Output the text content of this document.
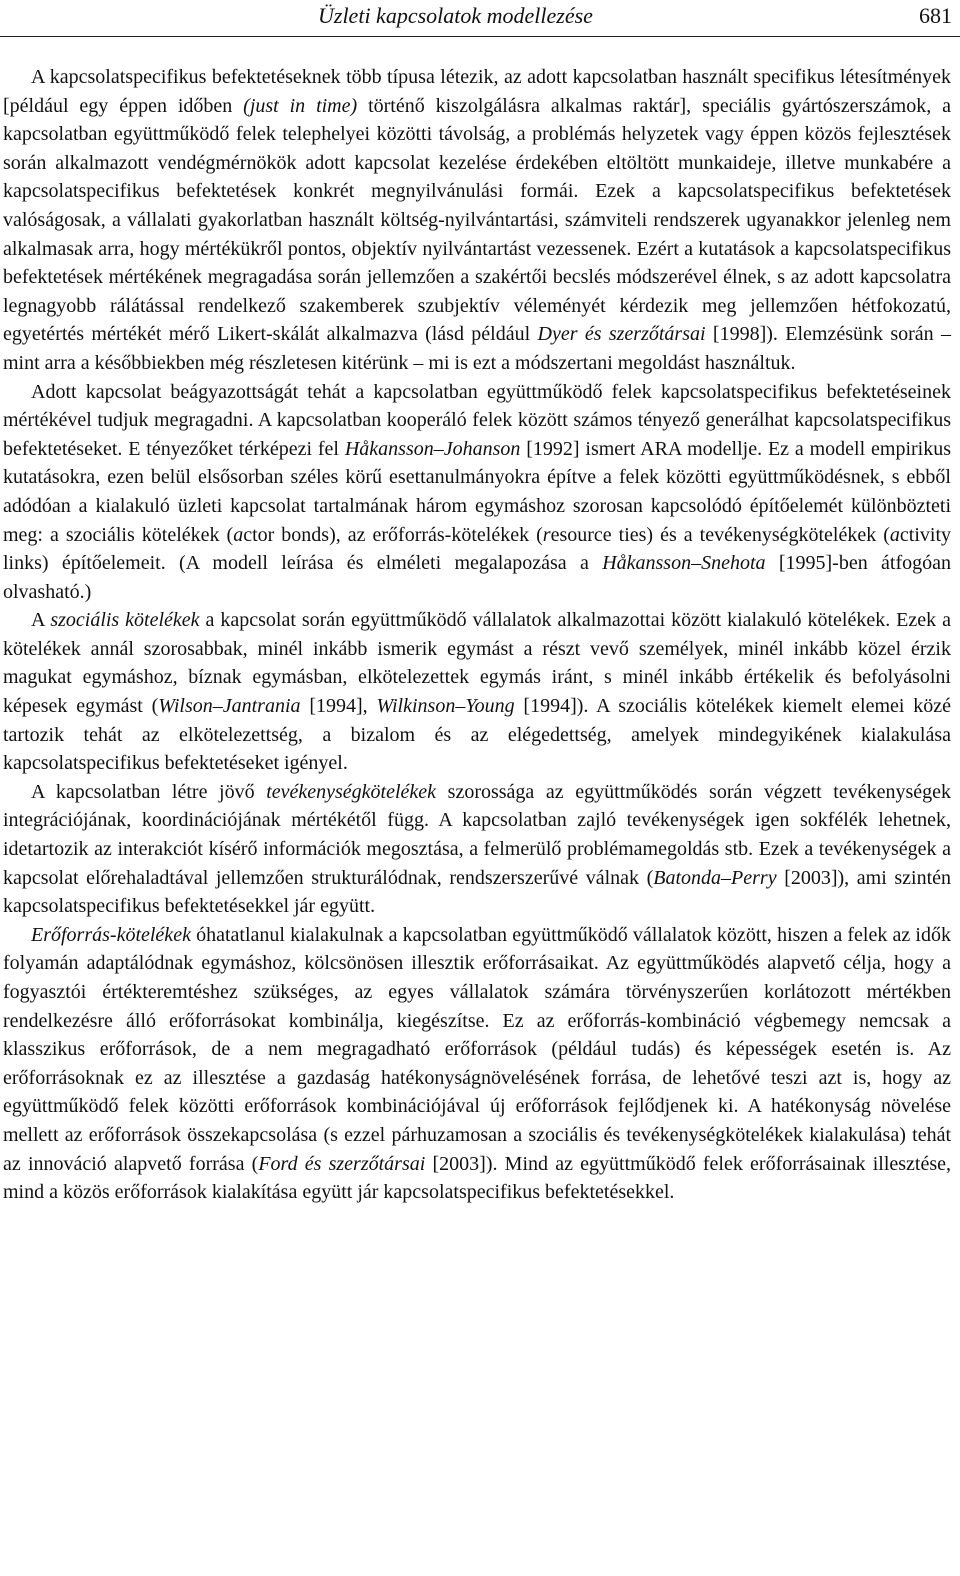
Üzleti kapcsolatok modellezése	681

A kapcsolatspecifikus befektetéseknek több típusa létezik, az adott kapcsolatban használt specifikus létesítmények [például egy éppen időben (just in time) történő kiszolgálásra alkalmas raktár], speciális gyártószerszámok, a kapcsolatban együttműködő felek telephelyei közötti távolság, a problémás helyzetek vagy éppen közös fejlesztések során alkalmazott vendégmérnökök adott kapcsolat kezelése érdekében eltöltött munkaideje, illetve munkabére a kapcsolatspecifikus befektetések konkrét megnyilvánulási formái. Ezek a kapcsolatspecifikus befektetések valóságosak, a vállalati gyakorlatban használt költség-nyilvántartási, számviteli rendszerek ugyanakkor jelenleg nem alkalmasak arra, hogy mértékükről pontos, objektív nyilvántartást vezessenek. Ezért a kutatások a kapcsolatspecifikus befektetések mértékének megragadása során jellemzően a szakértői becslés módszerével élnek, s az adott kapcsolatra legnagyobb rálátással rendelkező szakemberek szubjektív véleményét kérdezik meg jellemzően hétfokozatú, egyetértés mértékét mérő Likert-skálát alkalmazva (lásd például Dyer és szerzőtársai [1998]). Elemzésünk során – mint arra a későbbiekben még részletesen kitérünk – mi is ezt a módszertani megoldást használtuk.

Adott kapcsolat beágyazottságát tehát a kapcsolatban együttműködő felek kapcsolatspecifikus befektetéseinek mértékével tudjuk megragadni. A kapcsolatban kooperáló felek között számos tényező generálhat kapcsolatspecifikus befektetéseket. E tényezőket térképezi fel Håkansson–Johanson [1992] ismert ARA modellje. Ez a modell empirikus kutatásokra, ezen belül elsősorban széles körű esettanulmányokra építve a felek közötti együttműködésnek, s ebből adódóan a kialakuló üzleti kapcsolat tartalmának három egymáshoz szorosan kapcsolódó építőelemét különbözteti meg: a szociális kötelékek (actor bonds), az erőforrás-kötelékek (resource ties) és a tevékenységkötelékek (activity links) építőelemeit. (A modell leírása és elméleti megalapozása a Håkansson–Snehota [1995]-ben átfogóan olvasható.)

A szociális kötelékek a kapcsolat során együttműködő vállalatok alkalmazottai között kialakuló kötelékek. Ezek a kötelékek annál szorosabbak, minél inkább ismerik egymást a részt vevő személyek, minél inkább közel érzik magukat egymáshoz, bíznak egymásban, elkötelezettek egymás iránt, s minél inkább értékelik és befolyásolni képesek egymást (Wilson–Jantrania [1994], Wilkinson–Young [1994]). A szociális kötelékek kiemelt elemei közé tartozik tehát az elkötelezettség, a bizalom és az elégedettség, amelyek mindegyikének kialakulása kapcsolatspecifikus befektetéseket igényel.

A kapcsolatban létre jövő tevékenységkötelékek szorossága az együttműködés során végzett tevékenységek integrációjának, koordinációjának mértékétől függ. A kapcsolatban zajló tevékenységek igen sokfélék lehetnek, idetartozik az interakciót kísérő információk megosztása, a felmerülő problémamegoldás stb. Ezek a tevékenységek a kapcsolat előrehaladtával jellemzően strukturálódnak, rendszerszerűvé válnak (Batonda–Perry [2003]), ami szintén kapcsolatspecifikus befektetésekkel jár együtt.

Erőforrás-kötelékek óhatatlanul kialakulnak a kapcsolatban együttműködő vállalatok között, hiszen a felek az idők folyamán adaptálódnak egymáshoz, kölcsönösen illesztik erőforrásaikat. Az együttműködés alapvető célja, hogy a fogyasztói értékteremtéshez szükséges, az egyes vállalatok számára törvényszerűen korlátozott mértékben rendelkezésre álló erőforrásokat kombinálja, kiegészítse. Ez az erőforrás-kombináció végbemegy nemcsak a klasszikus erőforrások, de a nem megragadható erőforrások (például tudás) és képességek esetén is. Az erőforrásoknak ez az illesztése a gazdaság hatékonyságnövelésének forrása, de lehetővé teszi azt is, hogy az együttműködő felek közötti erőforrások kombinációjával új erőforrások fejlődjenek ki. A hatékonyság növelése mellett az erőforrások összekapcsolása (s ezzel párhuzamosan a szociális és tevékenységkötelékek kialakulása) tehát az innováció alapvető forrása (Ford és szerzőtársai [2003]). Mind az együttműködő felek erőforrásainak illesztése, mind a közös erőforrások kialakítása együtt jár kapcsolatspecifikus befektetésekkel.
